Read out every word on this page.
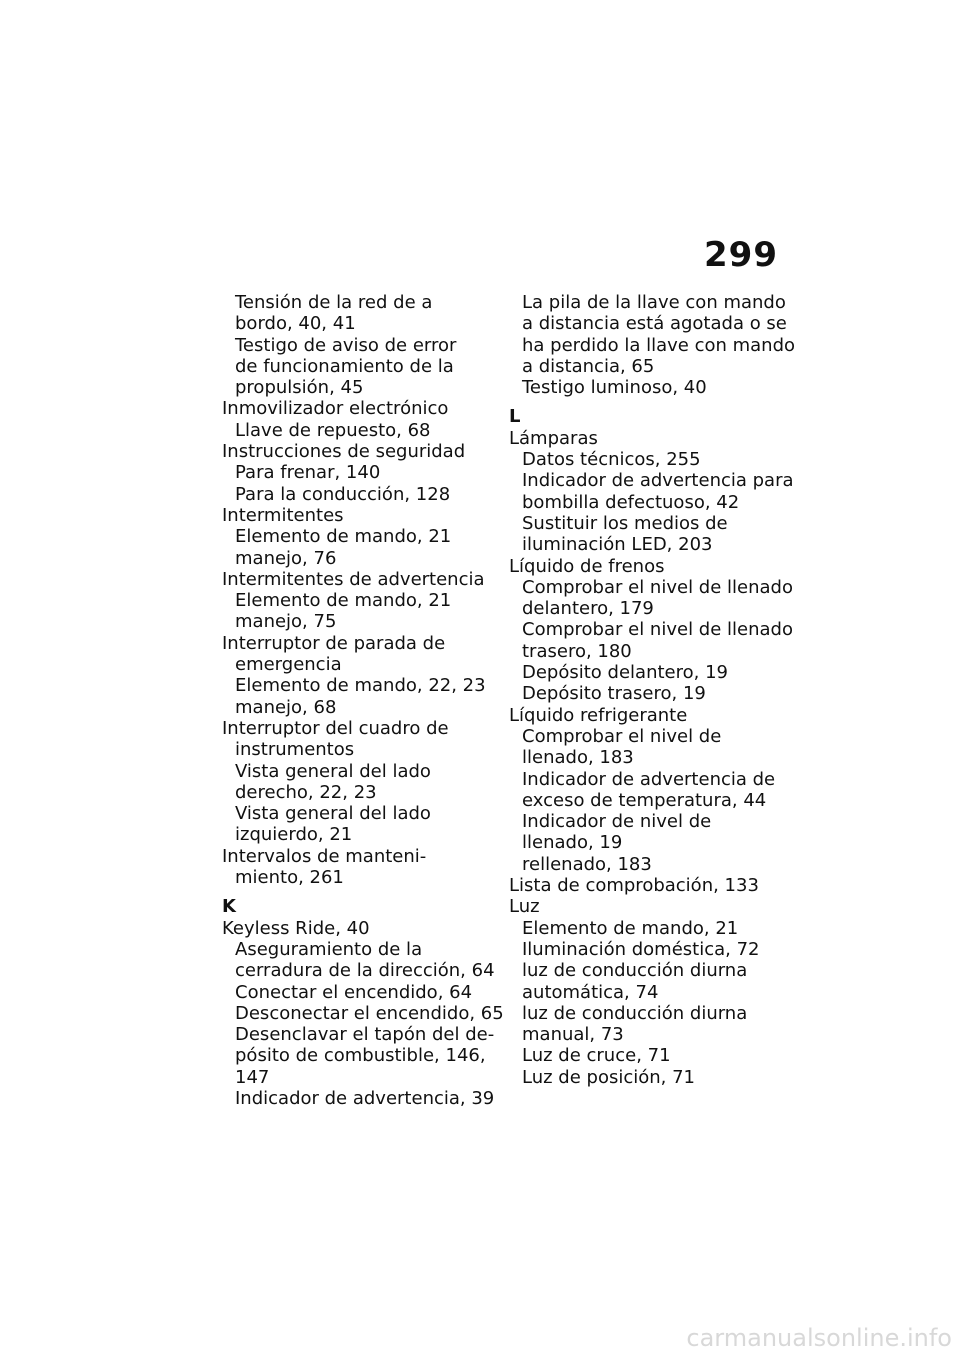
299
Tensión de la red de a
bordo, 40, 41
Testigo de aviso de error
de funcionamiento de la
propulsión, 45
Inmovilizador electrónico
Llave de repuesto, 68
Instrucciones de seguridad
Para frenar, 140
Para la conducción, 128
Intermitentes
Elemento de mando, 21
manejo, 76
Intermitentes de advertencia
Elemento de mando, 21
manejo, 75
Interruptor de parada de
emergencia
Elemento de mando, 22, 23
manejo, 68
Interruptor del cuadro de
instrumentos
Vista general del lado
derecho, 22, 23
Vista general del lado
izquierdo, 21
Intervalos de manteni-
miento, 261
K
Keyless Ride, 40
Aseguramiento de la
cerradura de la dirección, 64
Conectar el encendido, 64
Desconectar el encendido, 65
Desenclavar el tapón del de-
pósito de combustible, 146,
147
Indicador de advertencia, 39
La pila de la llave con mando
a distancia está agotada o se
ha perdido la llave con mando
a distancia, 65
Testigo luminoso, 40
L
Lámparas
Datos técnicos, 255
Indicador de advertencia para
bombilla defectuoso, 42
Sustituir los medios de
iluminación LED, 203
Líquido de frenos
Comprobar el nivel de llenado
delantero, 179
Comprobar el nivel de llenado
trasero, 180
Depósito delantero, 19
Depósito trasero, 19
Líquido refrigerante
Comprobar el nivel de
llenado, 183
Indicador de advertencia de
exceso de temperatura, 44
Indicador de nivel de
llenado, 19
rellenado, 183
Lista de comprobación, 133
Luz
Elemento de mando, 21
Iluminación doméstica, 72
luz de conducción diurna
automática, 74
luz de conducción diurna
manual, 73
Luz de cruce, 71
Luz de posición, 71
carmanualsonline.info
